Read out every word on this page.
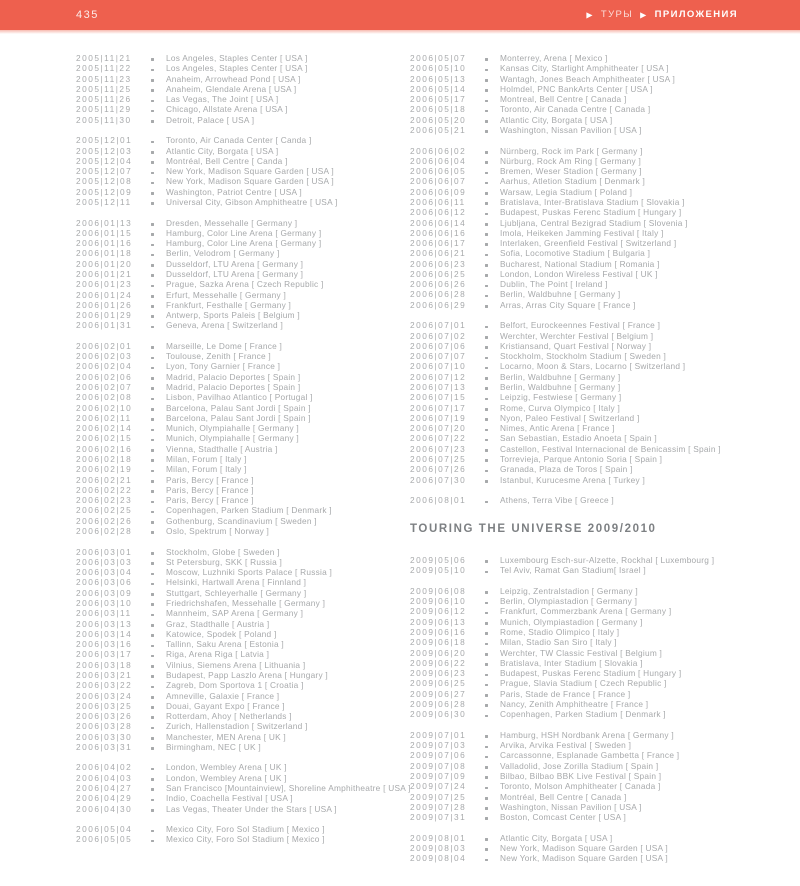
435	▶ ТУРЫ ▶ ПРИЛОЖЕНИЯ
2005|11|21	Los Angeles, Staples Center [ USA ]
2005|11|22	Los Angeles, Staples Center [ USA ]
2005|11|23	Anaheim, Arrowhead Pond [ USA ]
2005|11|25	Anaheim, Glendale Arena [ USA ]
2005|11|26	Las Vegas, The Joint [ USA ]
2005|11|29	Chicago, Allstate Arena [ USA ]
2005|11|30	Detroit, Palace [ USA ]
2005|12|01	Toronto, Air Canada Center [ Canda ]
2005|12|03	Atlantic City, Borgata [ USA ]
2005|12|04	Montréal, Bell Centre [ Canda ]
2005|12|07	New York, Madison Square Garden [ USA ]
2005|12|08	New York, Madison Square Garden [ USA ]
2005|12|09	Washington, Patriot Centre [ USA ]
2005|12|11	Universal City, Gibson Amphitheatre [ USA ]
2006|01|13	Dresden, Messehalle [ Germany ]
2006|01|15	Hamburg, Color Line Arena [ Germany ]
2006|01|16	Hamburg, Color Line Arena [ Germany ]
2006|01|18	Berlin, Velodrom [ Germany ]
2006|01|20	Dusseldorf, LTU Arena [ Germany ]
2006|01|21	Dusseldorf, LTU Arena [ Germany ]
2006|01|23	Prague, Sazka Arena [ Czech Republic ]
2006|01|24	Erfurt, Messehalle [ Germany ]
2006|01|26	Frankfurt, Festhalle [ Germany ]
2006|01|29	Antwerp, Sports Paleis [ Belgium ]
2006|01|31	Geneva, Arena [ Switzerland ]
2006|02|01	Marseille, Le Dome [ France ]
2006|02|03	Toulouse, Zenith [ France ]
2006|02|04	Lyon, Tony Garnier [ France ]
2006|02|06	Madrid, Palacio Deportes [ Spain ]
2006|02|07	Madrid, Palacio Deportes [ Spain ]
2006|02|08	Lisbon, Pavilhao Atlantico [ Portugal ]
2006|02|10	Barcelona, Palau Sant Jordi [ Spain ]
2006|02|11	Barcelona, Palau Sant Jordi [ Spain ]
2006|02|14	Munich, Olympiahalle [ Germany ]
2006|02|15	Munich, Olympiahalle [ Germany ]
2006|02|16	Vienna, Stadthalle [ Austria ]
2006|02|18	Milan, Forum [ Italy ]
2006|02|19	Milan, Forum [ Italy ]
2006|02|21	Paris, Bercy [ France ]
2006|02|22	Paris, Bercy [ France ]
2006|02|23	Paris, Bercy [ France ]
2006|02|25	Copenhagen, Parken Stadium [ Denmark ]
2006|02|26	Gothenburg, Scandinavium [ Sweden ]
2006|02|28	Oslo, Spektrum [ Norway ]
2006|03|01	Stockholm, Globe [ Sweden ]
2006|03|03	St Petersburg, SKK [ Russia ]
2006|03|04	Moscow, Luzhniki Sports Palace [ Russia ]
2006|03|06	Helsinki, Hartwall Arena [ Finnland ]
2006|03|09	Stuttgart, Schleyerhalle [ Germany ]
2006|03|10	Friedrichshafen, Messehalle [ Germany ]
2006|03|11	Mannheim, SAP Arena [ Germany ]
2006|03|13	Graz, Stadthalle [ Austria ]
2006|03|14	Katowice, Spodek [ Poland ]
2006|03|16	Tallinn, Saku Arena [ Estonia ]
2006|03|17	Riga, Arena Riga [ Latvia ]
2006|03|18	Vilnius, Siemens Arena [ Lithuania ]
2006|03|21	Budapest, Papp Laszlo Arena [ Hungary ]
2006|03|22	Zagreb, Dom Sportova 1 [ Croatia ]
2006|03|24	Amneville, Galaxie [ France ]
2006|03|25	Douai, Gayant Expo [ France ]
2006|03|26	Rotterdam, Ahoy [ Netherlands ]
2006|03|28	Zurich, Hallenstadion [ Switzerland ]
2006|03|30	Manchester, MEN Arena [ UK ]
2006|03|31	Birmingham, NEC [ UK ]
2006|04|02	London, Wembley Arena [ UK ]
2006|04|03	London, Wembley Arena [ UK ]
2006|04|27	San Francisco [Mountainview], Shoreline Amphitheatre [ USA ]
2006|04|29	Indio, Coachella Festival [ USA ]
2006|04|30	Las Vegas, Theater Under the Stars [ USA ]
2006|05|04	Mexico City, Foro Sol Stadium [ Mexico ]
2006|05|05	Mexico City, Foro Sol Stadium [ Mexico ]
2006|05|07	Monterrey, Arena [ Mexico ]
2006|05|10	Kansas City, Starlight Amphitheater [ USA ]
2006|05|13	Wantagh, Jones Beach Amphitheater [ USA ]
2006|05|14	Holmdel, PNC BankArts Center [ USA ]
2006|05|17	Montreal, Bell Centre [ Canada ]
2006|05|18	Toronto, Air Canada Centre [ Canada ]
2006|05|20	Atlantic City, Borgata [ USA ]
2006|05|21	Washington, Nissan Pavilion [ USA ]
2006|06|02	Nürnberg, Rock im Park [ Germany ]
2006|06|04	Nürburg, Rock Am Ring [ Germany ]
2006|06|05	Bremen, Weser Stadion [ Germany ]
2006|06|07	Aarhus, Atletion Stadium [ Denmark ]
2006|06|09	Warsaw, Legia Stadium [ Poland ]
2006|06|11	Bratislava, Inter-Bratislava Stadium [ Slovakia ]
2006|06|12	Budapest, Puskas Ferenc Stadium [ Hungary ]
2006|06|14	Ljubljana, Central Bezigrad Stadium [ Slovenia ]
2006|06|16	Imola, Heikeken Jamming Festival [ Italy ]
2006|06|17	Interlaken, Greenfield Festival [ Switzerland ]
2006|06|21	Sofia, Locomotive Stadium [ Bulgaria ]
2006|06|23	Bucharest, National Stadium [ Romania ]
2006|06|25	London, London Wireless Festival [ UK ]
2006|06|26	Dublin, The Point [ Ireland ]
2006|06|28	Berlin, Waldbuhne [ Germany ]
2006|06|29	Arras, Arras City Square [ France ]
2006|07|01	Belfort, Eurockeennes Festival [ France ]
2006|07|02	Werchter, Werchter Festival [ Belgium ]
2006|07|06	Kristiansand, Quart Festival [ Norway ]
2006|07|07	Stockholm, Stockholm Stadium [ Sweden ]
2006|07|10	Locarno, Moon & Stars, Locarno [ Switzerland ]
2006|07|12	Berlin, Waldbuhne [ Germany ]
2006|07|13	Berlin, Waldbuhne [ Germany ]
2006|07|15	Leipzig, Festwiese [ Germany ]
2006|07|17	Rome, Curva Olympico [ Italy ]
2006|07|19	Nyon, Paleo Festival [ Switzerland ]
2006|07|20	Nimes, Antic Arena [ France ]
2006|07|22	San Sebastian, Estadio Anoeta [ Spain ]
2006|07|23	Castellon, Festival Internacional de Benicassim [ Spain ]
2006|07|25	Torrevieja, Parque Antonio Soria [ Spain ]
2006|07|26	Granada, Plaza de Toros [ Spain ]
2006|07|30	Istanbul, Kurucesme Arena [ Turkey ]
2006|08|01	Athens, Terra Vibe [ Greece ]
TOURING THE UNIVERSE 2009/2010
2009|05|06	Luxembourg Esch-sur-Alzette, Rockhal [ Luxembourg ]
2009|05|10	Tel Aviv, Ramat Gan Stadium[ Israel ]
2009|06|08	Leipzig, Zentralstadion [ Germany ]
2009|06|10	Berlin, Olympiastadion [ Germany ]
2009|06|12	Frankfurt, Commerzbank Arena [ Germany ]
2009|06|13	Munich, Olympiastadion [ Germany ]
2009|06|16	Rome, Stadio Olimpico [ Italy ]
2009|06|18	Milan, Stadio San Siro [ Italy ]
2009|06|20	Werchter, TW Classic Festival [ Belgium ]
2009|06|22	Bratislava, Inter Stadium [ Slovakia ]
2009|06|23	Budapest, Puskas Ferenc Stadium [ Hungary ]
2009|06|25	Prague, Slavia Stadium [ Czech Republic ]
2009|06|27	Paris, Stade de France [ France ]
2009|06|28	Nancy, Zenith Amphitheatre [ France ]
2009|06|30	Copenhagen, Parken Stadium [ Denmark ]
2009|07|01	Hamburg, HSH Nordbank Arena [ Germany ]
2009|07|03	Arvika, Arvika Festival [ Sweden ]
2009|07|06	Carcassonne, Esplanade Gambetta [ France ]
2009|07|08	Valladolid, Jose Zorilla Stadium [ Spain ]
2009|07|09	Bilbao, Bilbao BBK Live Festival [ Spain ]
2009|07|24	Toronto, Molson Amphitheater [ Canada ]
2009|07|25	Montréal, Bell Centre [ Canada ]
2009|07|28	Washington, Nissan Pavilion [ USA ]
2009|07|31	Boston, Comcast Center [ USA ]
2009|08|01	Atlantic City, Borgata [ USA ]
2009|08|03	New York, Madison Square Garden [ USA ]
2009|08|04	New York, Madison Square Garden [ USA ]
